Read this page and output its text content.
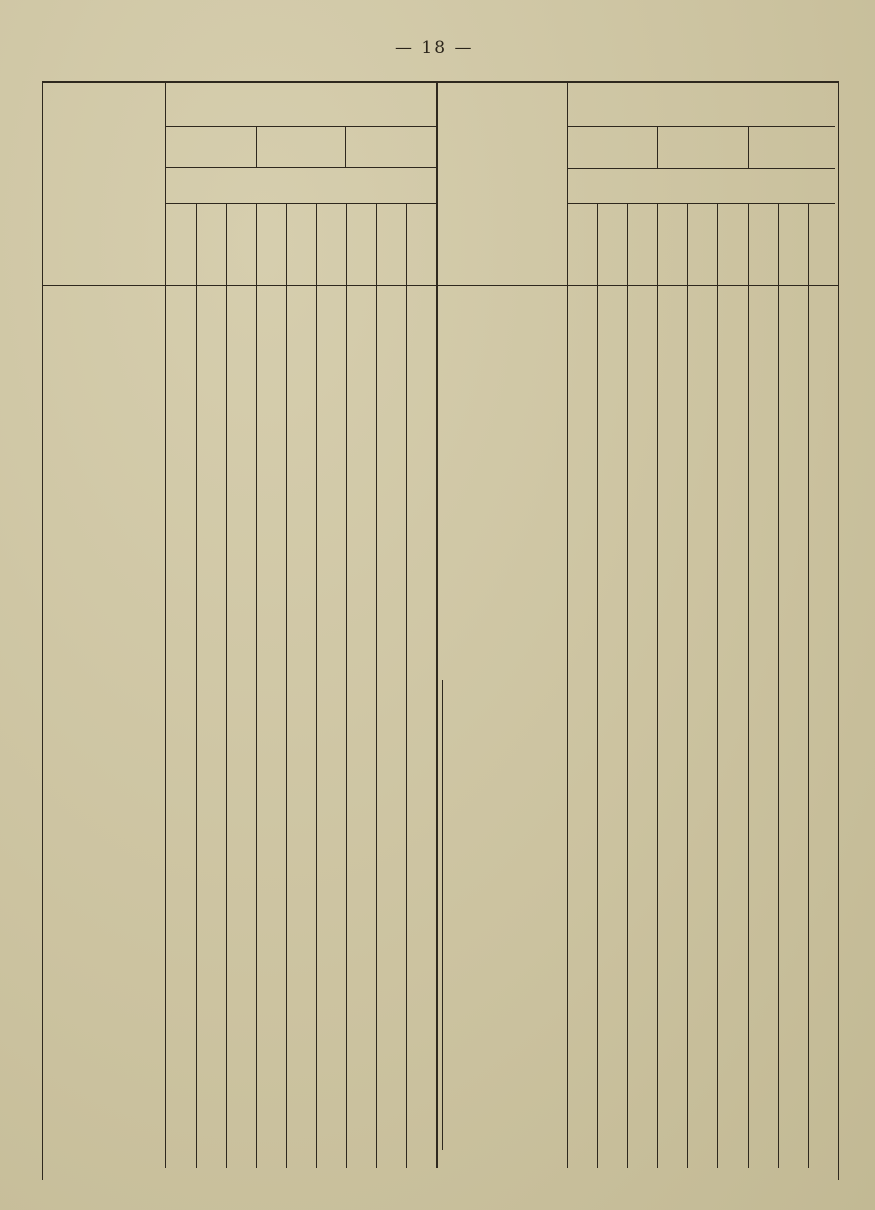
— 18 —
